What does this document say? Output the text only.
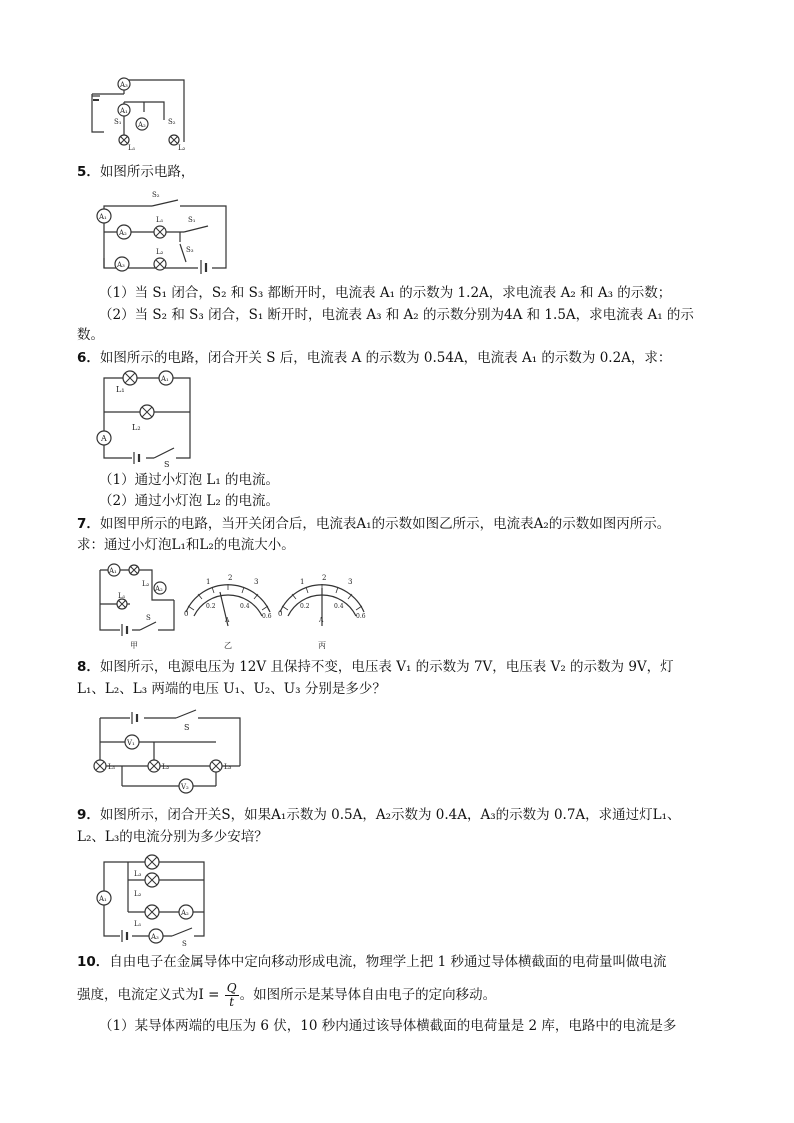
A₃
A₁
A₂
S₁	S₂
L₁	L₂
5．如图所示电路，
A₁
A₂
A₃
S₂
L₁	S₁
L₂	S₃
（1）当 S₁ 闭合，S₂ 和 S₃ 都断开时，电流表 A₁ 的示数为 1.2A，求电流表 A₂ 和 A₃ 的示数；
（2）当 S₂ 和 S₃ 闭合，S₁ 断开时，电流表 A₃ 和 A₂ 的示数分别为4A 和 1.5A，求电流表 A₁ 的示
数。
6．如图所示的电路，闭合开关 S 后，电流表 A 的示数为 0.54A，电流表 A₁ 的示数为 0.2A，求：
L₁
A₁
L₂
A
S
（1）通过小灯泡 L₁ 的电流。
（2）通过小灯泡 L₂ 的电流。
7．如图甲所示的电路，当开关闭合后，电流表A₁的示数如图乙所示，电流表A₂的示数如图丙所示。
求：通过小灯泡L₁和L₂的电流大小。
A₁
L₂
A₂
L₁
S
甲
1	2	3
0
0.2	0.4
0.6
A
乙
1	2	3
0
0.2	0.4
0.6
A
丙
8．如图所示，电源电压为 12V 且保持不变，电压表 V₁ 的示数为 7V，电压表 V₂ 的示数为 9V，灯
L₁、L₂、L₃ 两端的电压 U₁、U₂、U₃ 分别是多少？
S
V₁
V₂
L₁	L₂	L₃
9．如图所示，闭合开关S，如果A₁示数为 0.5A，A₂示数为 0.4A，A₃的示数为 0.7A，求通过灯L₁、
L₂、L₃的电流分别为多少安培？
L₃
L₂
L₁
A₁
A₂
A₃
S
10．自由电子在金属导体中定向移动形成电流，物理学上把 1 秒通过导体横截面的电荷量叫做电流
强度，电流定义式为$I = \frac{Q}{t}$ 。如图所示是某导体自由电子的定向移动。
（1）某导体两端的电压为 6 伏，10 秒内通过该导体横截面的电荷量是 2 库，电路中的电流是多
